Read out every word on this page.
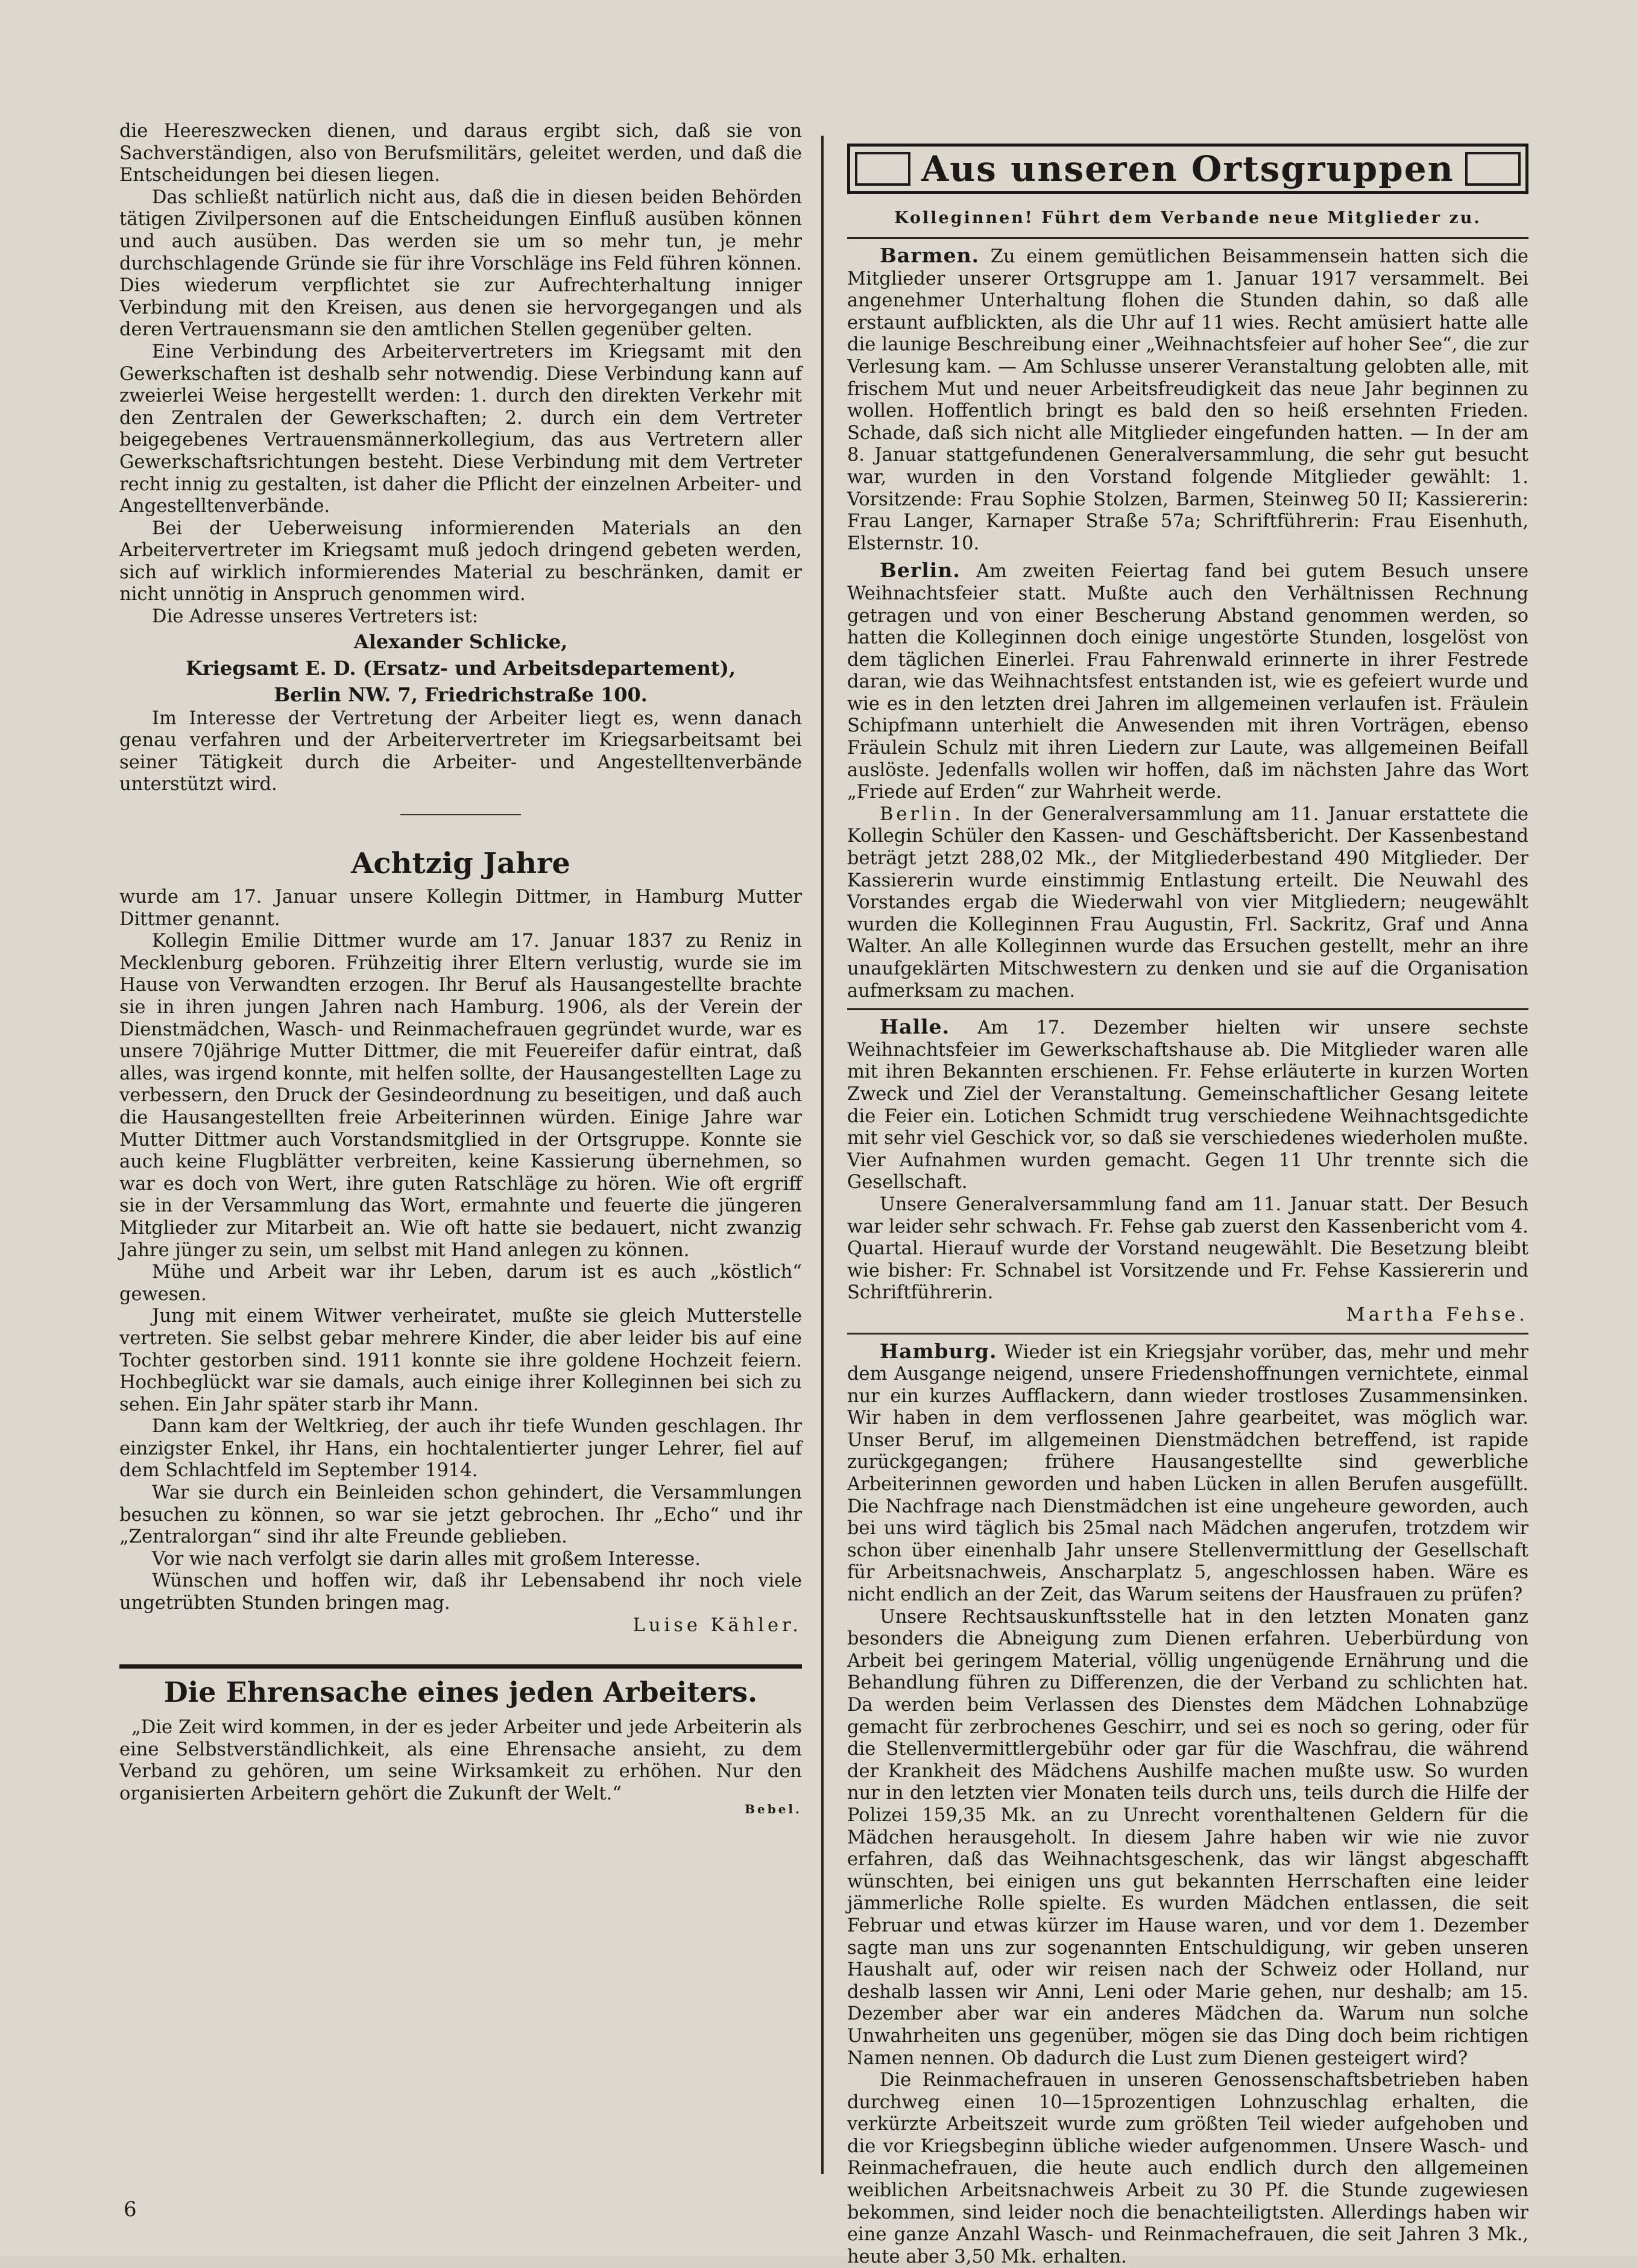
die Heereszwecken dienen, und daraus ergibt sich, daß sie von Sachverständigen, also von Berufsmilitärs, geleitet werden, und daß die Entscheidungen bei diesen liegen.

Das schließt natürlich nicht aus, daß die in diesen beiden Behörden tätigen Zivilpersonen auf die Entscheidungen Einfluß ausüben können und auch ausüben. Das werden sie um so mehr tun, je mehr durchschlagende Gründe sie für ihre Vorschläge ins Feld führen können. Dies wiederum verpflichtet sie zur Aufrechterhaltung inniger Verbindung mit den Kreisen, aus denen sie hervorgegangen und als deren Vertrauensmann sie den amtlichen Stellen gegenüber gelten.

Eine Verbindung des Arbeitervertreters im Kriegsamt mit den Gewerkschaften ist deshalb sehr notwendig. Diese Verbindung kann auf zweierlei Weise hergestellt werden: 1. durch den direkten Verkehr mit den Zentralen der Gewerkschaften; 2. durch ein dem Vertreter beigegebenes Vertrauensmännerkollegium, das aus Vertretern aller Gewerkschaftsrichtungen besteht. Diese Verbindung mit dem Vertreter recht innig zu gestalten, ist daher die Pflicht der einzelnen Arbeiter- und Angestelltenverbände.

Bei der Ueberweisung informierenden Materials an den Arbeitervertreter im Kriegsamt muß jedoch dringend gebeten werden, sich auf wirklich informierendes Material zu beschränken, damit er nicht unnötig in Anspruch genommen wird.

Die Adresse unseres Vertreters ist:

Alexander Schlicke,
Kriegsamt E. D. (Ersatz- und Arbeitsdepartement),
Berlin NW. 7, Friedrichstraße 100.

Im Interesse der Vertretung der Arbeiter liegt es, wenn danach genau verfahren und der Arbeitervertreter im Kriegsarbeitsamt bei seiner Tätigkeit durch die Arbeiter- und Angestelltenverbände unterstützt wird.

Achtzig Jahre

wurde am 17. Januar unsere Kollegin Dittmer, in Hamburg Mutter Dittmer genannt.

Kollegin Emilie Dittmer wurde am 17. Januar 1837 zu Reniz in Mecklenburg geboren. Frühzeitig ihrer Eltern verlustig, wurde sie im Hause von Verwandten erzogen. Ihr Beruf als Hausangestellte brachte sie in ihren jungen Jahren nach Hamburg. 1906, als der Verein der Dienstmädchen, Wasch- und Reinmachefrauen gegründet wurde, war es unsere 70jährige Mutter Dittmer, die mit Feuereifer dafür eintrat, daß alles, was irgend konnte, mit helfen sollte, der Hausangestellten Lage zu verbessern, den Druck der Gesindeordnung zu beseitigen, und daß auch die Hausangestellten freie Arbeiterinnen würden. Einige Jahre war Mutter Dittmer auch Vorstandsmitglied in der Ortsgruppe. Konnte sie auch keine Flugblätter verbreiten, keine Kassierung übernehmen, so war es doch von Wert, ihre guten Ratschläge zu hören. Wie oft ergriff sie in der Versammlung das Wort, ermahnte und feuerte die jüngeren Mitglieder zur Mitarbeit an. Wie oft hatte sie bedauert, nicht zwanzig Jahre jünger zu sein, um selbst mit Hand anlegen zu können.

Mühe und Arbeit war ihr Leben, darum ist es auch „köstlich“ gewesen.

Jung mit einem Witwer verheiratet, mußte sie gleich Mutterstelle vertreten. Sie selbst gebar mehrere Kinder, die aber leider bis auf eine Tochter gestorben sind. 1911 konnte sie ihre goldene Hochzeit feiern. Hochbeglückt war sie damals, auch einige ihrer Kolleginnen bei sich zu sehen. Ein Jahr später starb ihr Mann.

Dann kam der Weltkrieg, der auch ihr tiefe Wunden geschlagen. Ihr einzigster Enkel, ihr Hans, ein hochtalentierter junger Lehrer, fiel auf dem Schlachtfeld im September 1914.

War sie durch ein Beinleiden schon gehindert, die Versammlungen besuchen zu können, so war sie jetzt gebrochen. Ihr „Echo“ und ihr „Zentralorgan“ sind ihr alte Freunde geblieben.

Vor wie nach verfolgt sie darin alles mit großem Interesse.

Wünschen und hoffen wir, daß ihr Lebensabend ihr noch viele ungetrübten Stunden bringen mag.

Luise Kähler.

Die Ehrensache eines jeden Arbeiters.

„Die Zeit wird kommen, in der es jeder Arbeiter und jede Arbeiterin als eine Selbstverständlichkeit, als eine Ehrensache ansieht, zu dem Verband zu gehören, um seine Wirksamkeit zu erhöhen. Nur den organisierten Arbeitern gehört die Zukunft der Welt.“

Bebel.
Aus unseren Ortsgruppen
Kolleginnen! Führt dem Verbande neue Mitglieder zu.

Barmen. Zu einem gemütlichen Beisammensein hatten sich die Mitglieder unserer Ortsgruppe am 1. Januar 1917 versammelt. Bei angenehmer Unterhaltung flohen die Stunden dahin, so daß alle erstaunt aufblickten, als die Uhr auf 11 wies. Recht amüsiert hatte alle die launige Beschreibung einer „Weihnachtsfeier auf hoher See“, die zur Verlesung kam. — Am Schlusse unserer Veranstaltung gelobten alle, mit frischem Mut und neuer Arbeitsfreudigkeit das neue Jahr beginnen zu wollen. Hoffentlich bringt es bald den so heiß ersehnten Frieden. Schade, daß sich nicht alle Mitglieder eingefunden hatten. — In der am 8. Januar stattgefundenen Generalversammlung, die sehr gut besucht war, wurden in den Vorstand folgende Mitglieder gewählt: 1. Vorsitzende: Frau Sophie Stolzen, Barmen, Steinweg 50 II; Kassiererin: Frau Langer, Karnaper Straße 57a; Schriftführerin: Frau Eisenhuth, Elsternstr. 10.

Berlin. Am zweiten Feiertag fand bei gutem Besuch unsere Weihnachtsfeier statt. Mußte auch den Verhältnissen Rechnung getragen und von einer Bescherung Abstand genommen werden, so hatten die Kolleginnen doch einige ungestörte Stunden, losgelöst von dem täglichen Einerlei. Frau Fahrenwald erinnerte in ihrer Festrede daran, wie das Weihnachtsfest entstanden ist, wie es gefeiert wurde und wie es in den letzten drei Jahren im allgemeinen verlaufen ist. Fräulein Schipfmann unterhielt die Anwesenden mit ihren Vorträgen, ebenso Fräulein Schulz mit ihren Liedern zur Laute, was allgemeinen Beifall auslöste. Jedenfalls wollen wir hoffen, daß im nächsten Jahre das Wort „Friede auf Erden“ zur Wahrheit werde.

Berlin. In der Generalversammlung am 11. Januar erstattete die Kollegin Schüler den Kassen- und Geschäftsbericht. Der Kassenbestand beträgt jetzt 288,02 Mk., der Mitgliederbestand 490 Mitglieder. Der Kassiererin wurde einstimmig Entlastung erteilt. Die Neuwahl des Vorstandes ergab die Wiederwahl von vier Mitgliedern; neugewählt wurden die Kolleginnen Frau Augustin, Frl. Sackritz, Graf und Anna Walter. An alle Kolleginnen wurde das Ersuchen gestellt, mehr an ihre unaufgeklärten Mitschwestern zu denken und sie auf die Organisation aufmerksam zu machen.

Halle. Am 17. Dezember hielten wir unsere sechste Weihnachtsfeier im Gewerkschaftshause ab. Die Mitglieder waren alle mit ihren Bekannten erschienen. Fr. Fehse erläuterte in kurzen Worten Zweck und Ziel der Veranstaltung. Gemeinschaftlicher Gesang leitete die Feier ein. Lotichen Schmidt trug verschiedene Weihnachtsgedichte mit sehr viel Geschick vor, so daß sie verschiedenes wiederholen mußte. Vier Aufnahmen wurden gemacht. Gegen 11 Uhr trennte sich die Gesellschaft.

Unsere Generalversammlung fand am 11. Januar statt. Der Besuch war leider sehr schwach. Fr. Fehse gab zuerst den Kassenbericht vom 4. Quartal. Hierauf wurde der Vorstand neugewählt. Die Besetzung bleibt wie bisher: Fr. Schnabel ist Vorsitzende und Fr. Fehse Kassiererin und Schriftführerin.

Martha Fehse.

Hamburg. Wieder ist ein Kriegsjahr vorüber, das, mehr und mehr dem Ausgange neigend, unsere Friedenshoffnungen vernichtete, einmal nur ein kurzes Aufflackern, dann wieder trostloses Zusammensinken. Wir haben in dem verflossenen Jahre gearbeitet, was möglich war. Unser Beruf, im allgemeinen Dienstmädchen betreffend, ist rapide zurückgegangen; frühere Hausangestellte sind gewerbliche Arbeiterinnen geworden und haben Lücken in allen Berufen ausgefüllt. Die Nachfrage nach Dienstmädchen ist eine ungeheure geworden, auch bei uns wird täglich bis 25mal nach Mädchen angerufen, trotzdem wir schon über einenhalb Jahr unsere Stellenvermittlung der Gesellschaft für Arbeitsnachweis, Anscharplatz 5, angeschlossen haben. Wäre es nicht endlich an der Zeit, das Warum seitens der Hausfrauen zu prüfen?

Unsere Rechtsauskunftsstelle hat in den letzten Monaten ganz besonders die Abneigung zum Dienen erfahren. Ueberbürdung von Arbeit bei geringem Material, völlig ungenügende Ernährung und die Behandlung führen zu Differenzen, die der Verband zu schlichten hat. Da werden beim Verlassen des Dienstes dem Mädchen Lohnabzüge gemacht für zerbrochenes Geschirr, und sei es noch so gering, oder für die Stellenvermittlergebühr oder gar für die Waschfrau, die während der Krankheit des Mädchens Aushilfe machen mußte usw. So wurden nur in den letzten vier Monaten teils durch uns, teils durch die Hilfe der Polizei 159,35 Mk. an zu Unrecht vorenthaltenen Geldern für die Mädchen herausgeholt. In diesem Jahre haben wir wie nie zuvor erfahren, daß das Weihnachtsgeschenk, das wir längst abgeschafft wünschten, bei einigen uns gut bekannten Herrschaften eine leider jämmerliche Rolle spielte. Es wurden Mädchen entlassen, die seit Februar und etwas kürzer im Hause waren, und vor dem 1. Dezember sagte man uns zur sogenannten Entschuldigung, wir geben unseren Haushalt auf, oder wir reisen nach der Schweiz oder Holland, nur deshalb lassen wir Anni, Leni oder Marie gehen, nur deshalb; am 15. Dezember aber war ein anderes Mädchen da. Warum nun solche Unwahrheiten uns gegenüber, mögen sie das Ding doch beim richtigen Namen nennen. Ob dadurch die Lust zum Dienen gesteigert wird?

Die Reinmachefrauen in unseren Genossenschaftsbetrieben haben durchweg einen 10—15prozentigen Lohnzuschlag erhalten, die verkürzte Arbeitszeit wurde zum größten Teil wieder aufgehoben und die vor Kriegsbeginn übliche wieder aufgenommen. Unsere Wasch- und Reinmachefrauen, die heute auch endlich durch den allgemeinen weiblichen Arbeitsnachweis Arbeit zu 30 Pf. die Stunde zugewiesen bekommen, sind leider noch die benachteiligtsten. Allerdings haben wir eine ganze Anzahl Wasch- und Reinmachefrauen, die seit Jahren 3 Mk., heute aber 3,50 Mk. erhalten.

6
